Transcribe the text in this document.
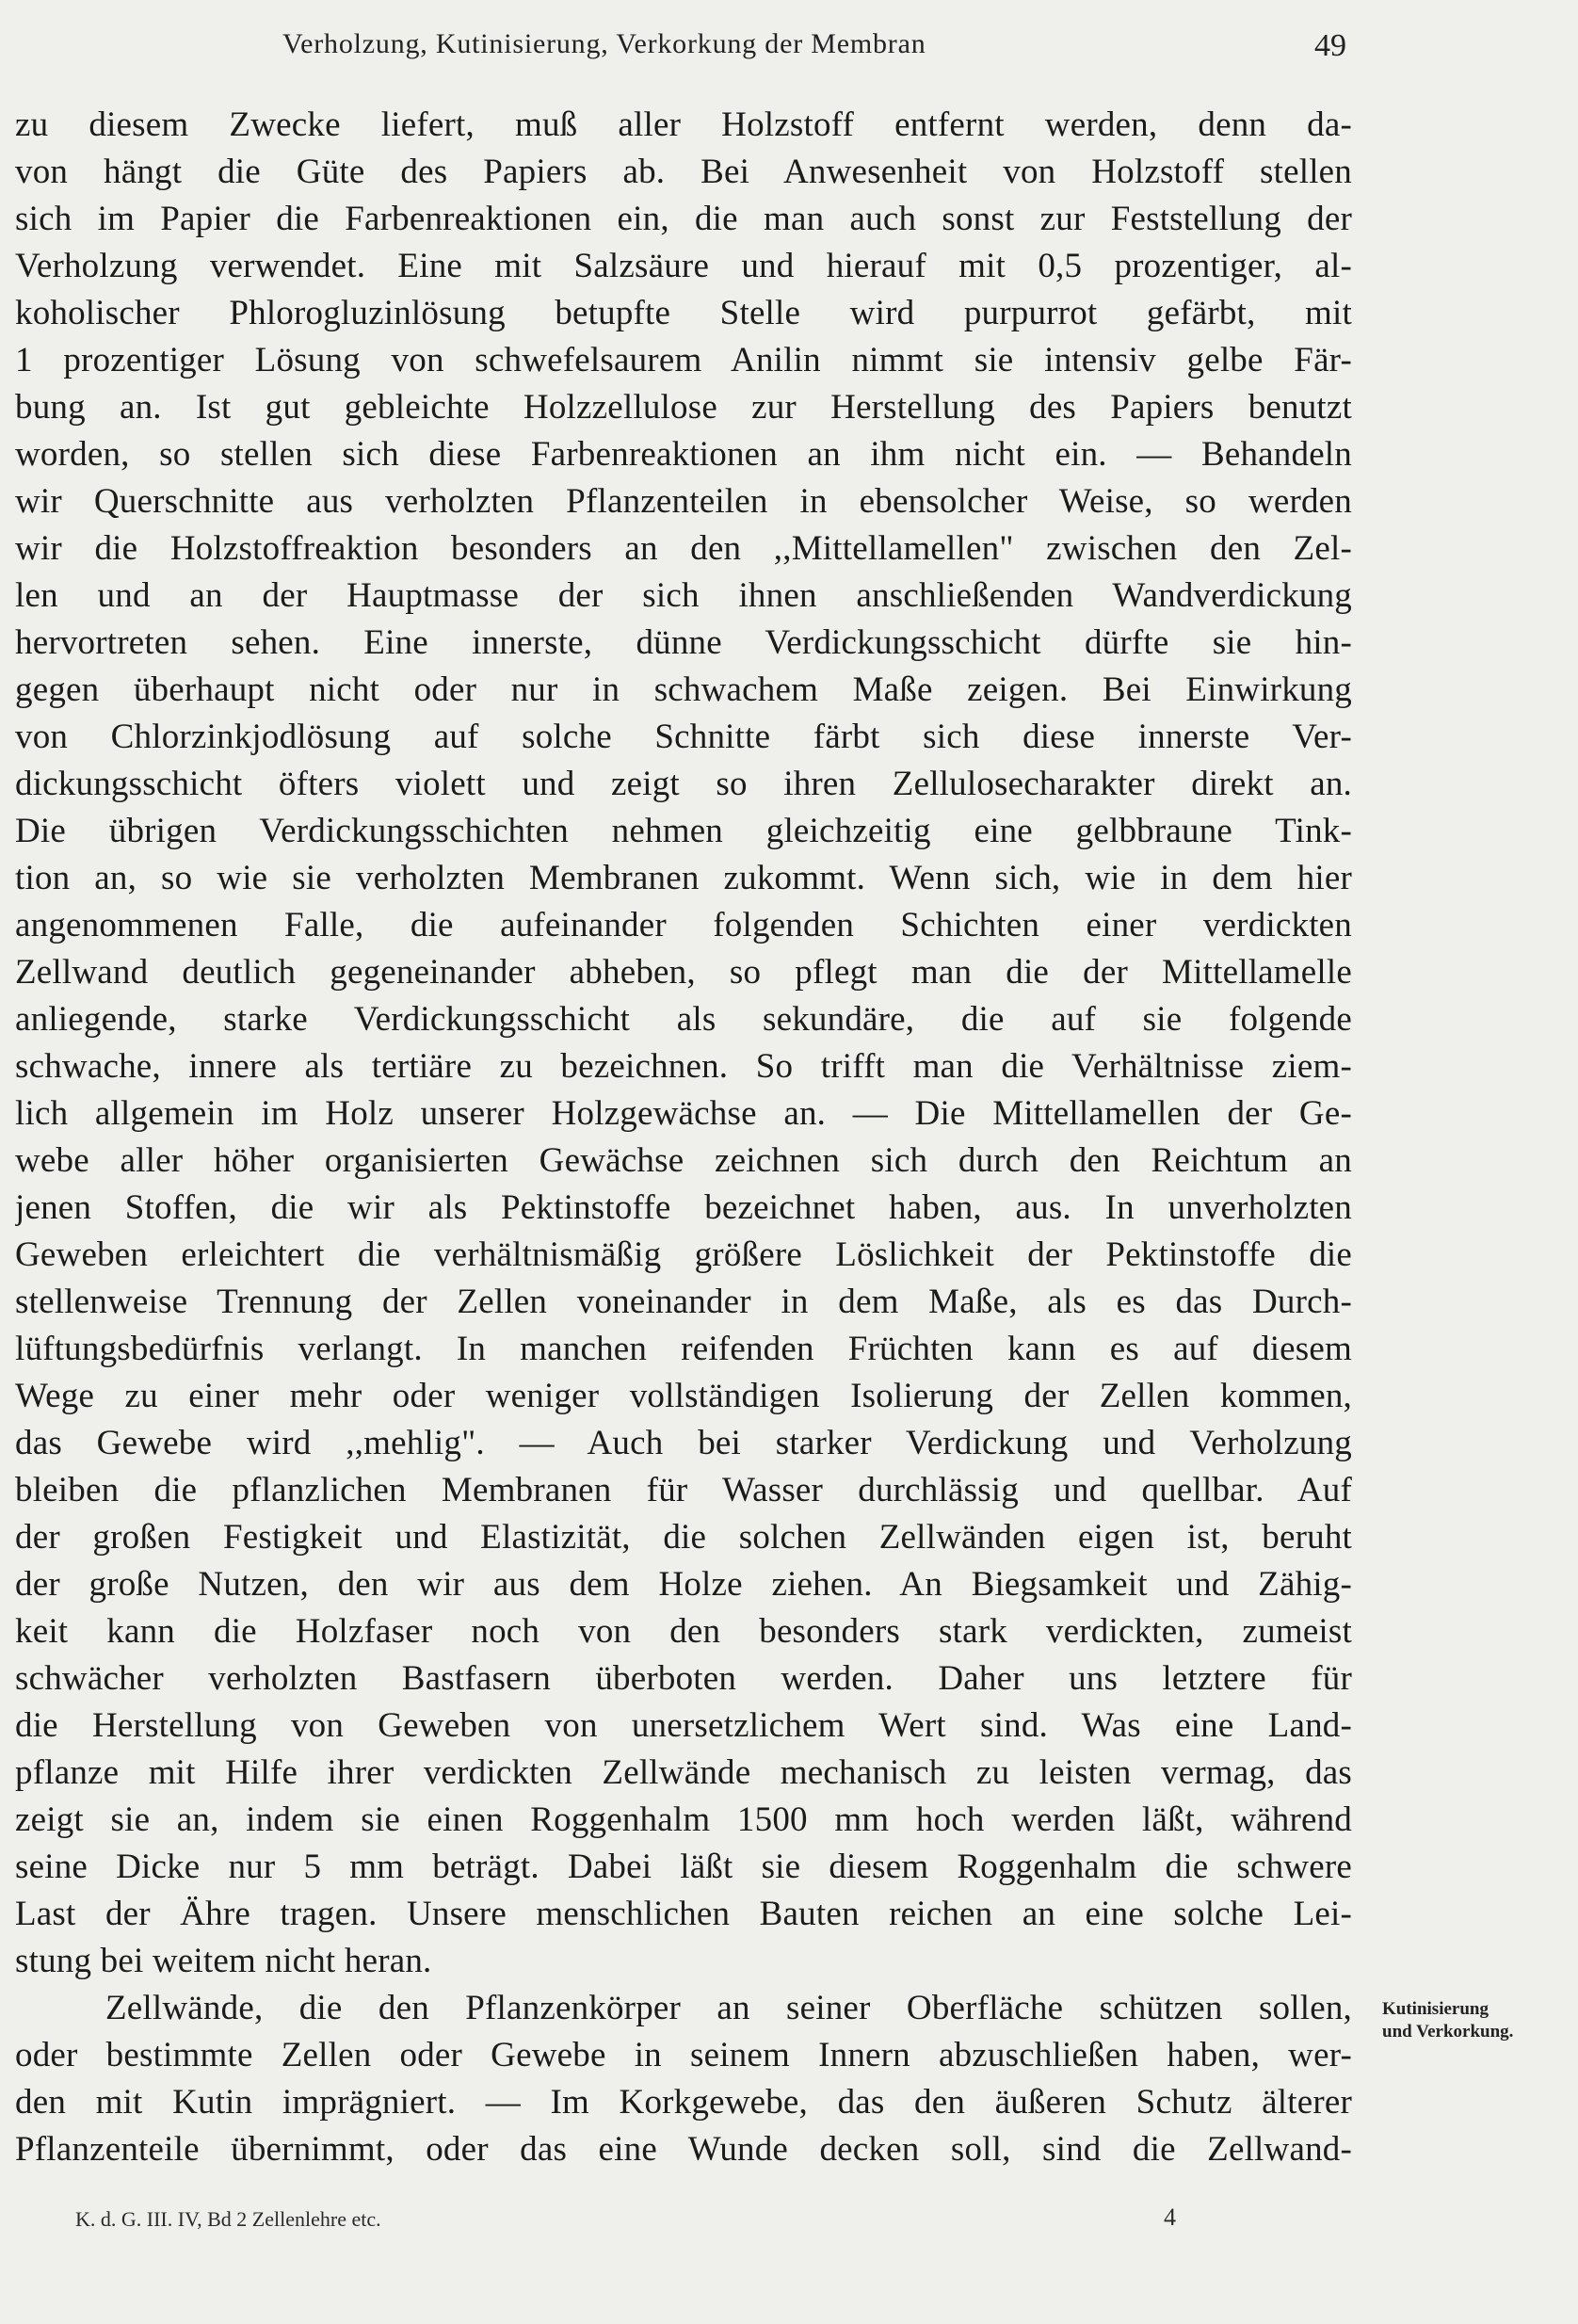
Verholzung, Kutinisierung, Verkorkung der Membran	49
zu diesem Zwecke liefert, muß aller Holzstoff entfernt werden, denn da-
von hängt die Güte des Papiers ab. Bei Anwesenheit von Holzstoff stellen
sich im Papier die Farbenreaktionen ein, die man auch sonst zur Feststellung der
Verholzung verwendet. Eine mit Salzsäure und hierauf mit 0,5 prozentiger, al-
koholischer Phlorogluzinlösung betupfte Stelle wird purpurrot gefärbt, mit
1 prozentiger Lösung von schwefelsaurem Anilin nimmt sie intensiv gelbe Fär-
bung an. Ist gut gebleichte Holzzellulose zur Herstellung des Papiers benutzt
worden, so stellen sich diese Farbenreaktionen an ihm nicht ein. — Behandeln
wir Querschnitte aus verholzten Pflanzenteilen in ebensolcher Weise, so werden
wir die Holzstoffreaktion besonders an den ,,Mittellamellen" zwischen den Zel-
len und an der Hauptmasse der sich ihnen anschließenden Wandverdickung
hervortreten sehen. Eine innerste, dünne Verdickungsschicht dürfte sie hin-
gegen überhaupt nicht oder nur in schwachem Maße zeigen. Bei Einwirkung
von Chlorzinkjodlösung auf solche Schnitte färbt sich diese innerste Ver-
dickungsschicht öfters violett und zeigt so ihren Zellulosecharakter direkt an.
Die übrigen Verdickungsschichten nehmen gleichzeitig eine gelbbraune Tink-
tion an, so wie sie verholzten Membranen zukommt. Wenn sich, wie in dem hier
angenommenen Falle, die aufeinander folgenden Schichten einer verdickten
Zellwand deutlich gegeneinander abheben, so pflegt man die der Mittellamelle
anliegende, starke Verdickungsschicht als sekundäre, die auf sie folgende
schwache, innere als tertiäre zu bezeichnen. So trifft man die Verhältnisse ziem-
lich allgemein im Holz unserer Holzgewächse an. — Die Mittellamellen der Ge-
webe aller höher organisierten Gewächse zeichnen sich durch den Reichtum an
jenen Stoffen, die wir als Pektinstoffe bezeichnet haben, aus. In unverholzten
Geweben erleichtert die verhältnismäßig größere Löslichkeit der Pektinstoffe die
stellenweise Trennung der Zellen voneinander in dem Maße, als es das Durch-
lüftungsbedürfnis verlangt. In manchen reifenden Früchten kann es auf diesem
Wege zu einer mehr oder weniger vollständigen Isolierung der Zellen kommen,
das Gewebe wird ,,mehlig". — Auch bei starker Verdickung und Verholzung
bleiben die pflanzlichen Membranen für Wasser durchlässig und quellbar. Auf
der großen Festigkeit und Elastizität, die solchen Zellwänden eigen ist, beruht
der große Nutzen, den wir aus dem Holze ziehen. An Biegsamkeit und Zähig-
keit kann die Holzfaser noch von den besonders stark verdickten, zumeist
schwächer verholzten Bastfasern überboten werden. Daher uns letztere für
die Herstellung von Geweben von unersetzlichem Wert sind. Was eine Land-
pflanze mit Hilfe ihrer verdickten Zellwände mechanisch zu leisten vermag, das
zeigt sie an, indem sie einen Roggenhalm 1500 mm hoch werden läßt, während
seine Dicke nur 5 mm beträgt. Dabei läßt sie diesem Roggenhalm die schwere
Last der Ähre tragen. Unsere menschlichen Bauten reichen an eine solche Lei-
stung bei weitem nicht heran.
Zellwände, die den Pflanzenkörper an seiner Oberfläche schützen sollen,
oder bestimmte Zellen oder Gewebe in seinem Innern abzuschließen haben, wer-
den mit Kutin imprägniert. — Im Korkgewebe, das den äußeren Schutz älterer
Pflanzenteile übernimmt, oder das eine Wunde decken soll, sind die Zellwand-
Kutinisierung
und Verkorkung.
K. d. G. III. IV, Bd 2 Zellenlehre etc.	4
